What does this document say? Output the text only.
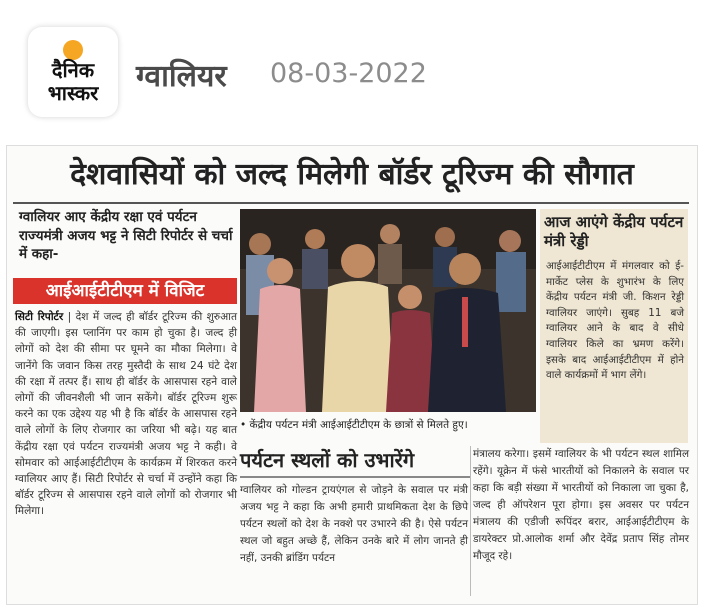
दैनिक
भास्कर	ग्वालियर 08-03-2022
देशवासियों को जल्द मिलेगी बॉर्डर टूरिज्म की सौगात
ग्वालियर आए केंद्रीय रक्षा एवं पर्यटन राज्यमंत्री अजय भट्ट ने सिटी रिपोर्टर से चर्चा में कहा-
आईआईटीटीएम में विजिट
सिटी रिपोर्टर | देश में जल्द ही बॉर्डर टूरिज्म की शुरुआत की जाएगी। इस प्लानिंग पर काम हो चुका है। जल्द ही लोगों को देश की सीमा पर घूमने का मौका मिलेगा। वे जानेंगे कि जवान किस तरह मुस्तैदी के साथ 24 घंटे देश की रक्षा में तत्पर हैं। साथ ही बॉर्डर के आसपास रहने वाले लोगों की जीवनशैली भी जान सकेंगे। बॉर्डर टूरिज्म शुरू करने का एक उद्देश्य यह भी है कि बॉर्डर के आसपास रहने वाले लोगों के लिए रोजगार का जरिया भी बढ़े। यह बात केंद्रीय रक्षा एवं पर्यटन राज्यमंत्री अजय भट्ट ने कही। वे सोमवार को आईआईटीटीएम के कार्यक्रम में शिरकत करने ग्वालियर आए हैं। सिटी रिपोर्टर से चर्चा में उन्होंने कहा कि बॉर्डर टूरिज्म से आसपास रहने वाले लोगों को रोजगार भी मिलेगा।
• केंद्रीय पर्यटन मंत्री आईआईटीटीएम के छात्रों से मिलते हुए।
आज आएंगे केंद्रीय पर्यटन मंत्री रेड्डी
आईआईटीटीएम में मंगलवार को ई-मार्केट प्लेस के शुभारंभ के लिए केंद्रीय पर्यटन मंत्री जी. किशन रेड्डी ग्वालियर जाएंगे। सुबह 11 बजे ग्वालियर आने के बाद वे सीधे ग्वालियर किले का भ्रमण करेंगे। इसके बाद आईआईटीटीएम में होने वाले कार्यक्रमों में भाग लेंगे।
पर्यटन स्थलों को उभारेंगे
ग्वालियर को गोल्डन ट्रायएंगल से जोड़ने के सवाल पर मंत्री अजय भट्ट ने कहा कि अभी हमारी प्राथमिकता देश के छिपे पर्यटन स्थलों को देश के नक्शे पर उभारने की है। ऐसे पर्यटन स्थल जो बहुत अच्छे हैं, लेकिन उनके बारे में लोग जानते ही नहीं, उनकी ब्रांडिंग पर्यटन
मंत्रालय करेगा। इसमें ग्वालियर के भी पर्यटन स्थल शामिल रहेंगे। यूक्रेन में फंसे भारतीयों को निकालने के सवाल पर कहा कि बड़ी संख्या में भारतीयों को निकाला जा चुका है, जल्द ही ऑपरेशन पूरा होगा। इस अवसर पर पर्यटन मंत्रालय की एडीजी रूपिंदर बरार, आईआईटीटीएम के डायरेक्टर प्रो.आलोक शर्मा और देवेंद्र प्रताप सिंह तोमर मौजूद रहे।
